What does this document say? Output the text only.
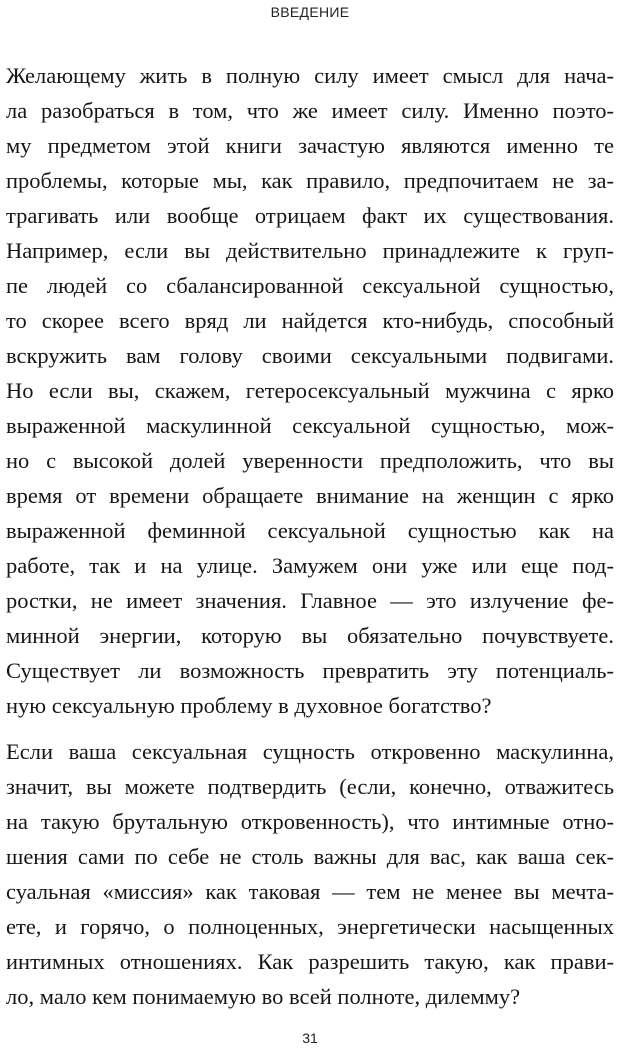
ВВЕДЕНИЕ

Желающему жить в полную силу имеет смысл для нача-
ла разобраться в том, что же имеет силу. Именно поэто-
му предметом этой книги зачастую являются именно те
проблемы, которые мы, как правило, предпочитаем не за-
трагивать или вообще отрицаем факт их существования.
Например, если вы действительно принадлежите к груп-
пе людей со сбалансированной сексуальной сущностью,
то скорее всего вряд ли найдется кто-нибудь, способный
вскружить вам голову своими сексуальными подвигами.
Но если вы, скажем, гетеросексуальный мужчина с ярко
выраженной маскулинной сексуальной сущностью, мож-
но с высокой долей уверенности предположить, что вы
время от времени обращаете внимание на женщин с ярко
выраженной феминной сексуальной сущностью как на
работе, так и на улице. Замужем они уже или еще под-
ростки, не имеет значения. Главное — это излучение фе-
минной энергии, которую вы обязательно почувствуете.
Существует ли возможность превратить эту потенциаль-
ную сексуальную проблему в духовное богатство?

Если ваша сексуальная сущность откровенно маскулинна,
значит, вы можете подтвердить (если, конечно, отважитесь
на такую брутальную откровенность), что интимные отно-
шения сами по себе не столь важны для вас, как ваша сек-
суальная «миссия» как таковая — тем не менее вы мечта-
ете, и горячо, о полноценных, энергетически насыщенных
интимных отношениях. Как разрешить такую, как прави-
ло, мало кем понимаемую во всей полноте, дилемму?

31
